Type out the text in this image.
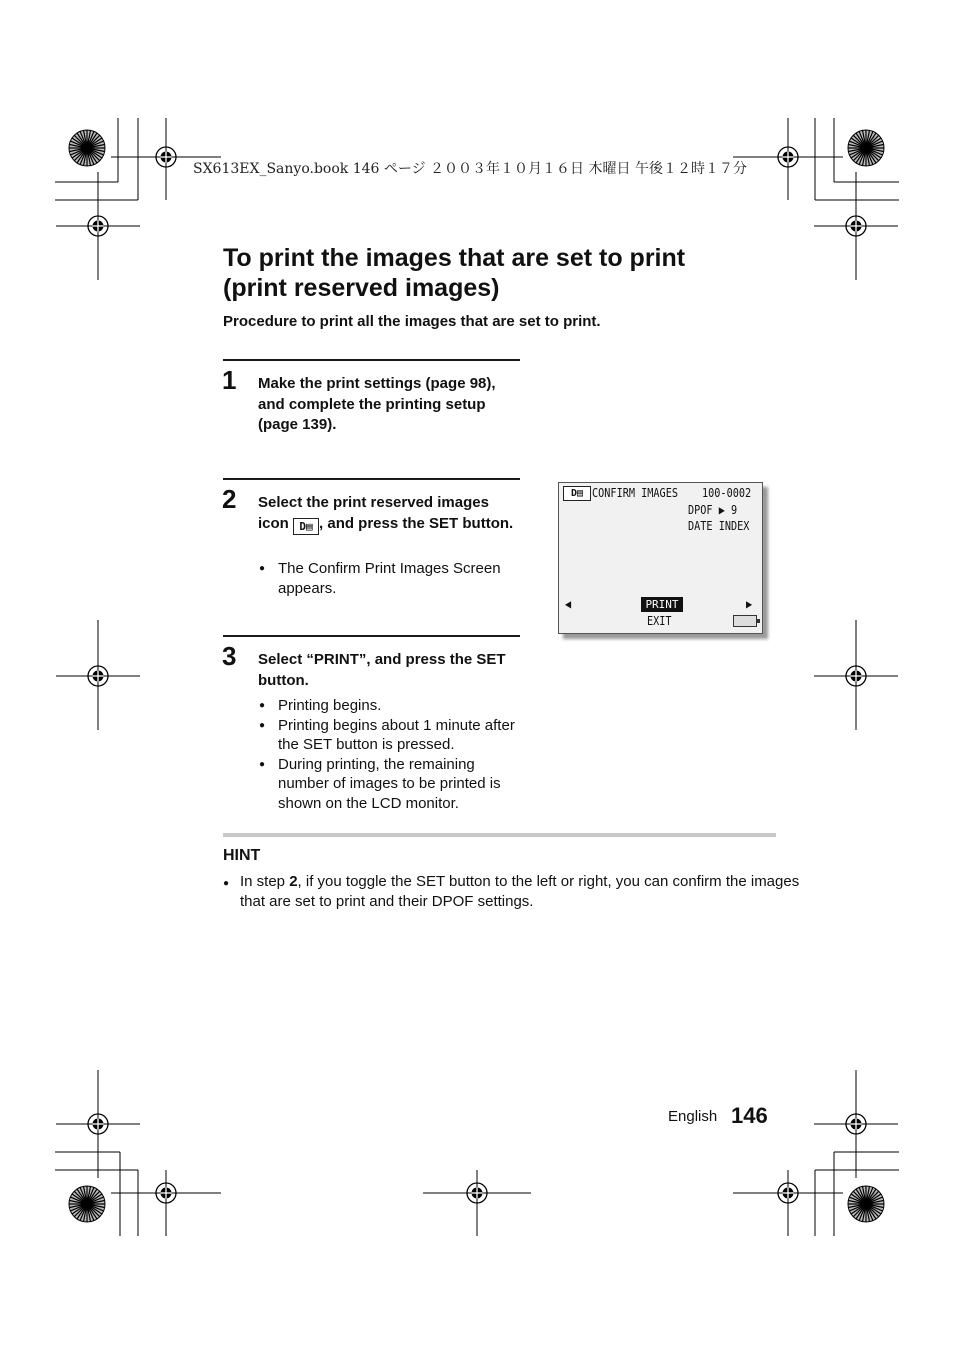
SX613EX_Sanyo.book 146 ページ ２００３年１０月１６日 木曜日 午後１２時１７分
To print the images that are set to print
(print reserved images)
Procedure to print all the images that are set to print.
1 Make the print settings (page 98), and complete the printing setup (page 139).
2 Select the print reserved images icon D▤ , and press the SET button.
● The Confirm Print Images Screen appears.
3 Select “PRINT”, and press the SET button.
● Printing begins.
● Printing begins about 1 minute after the SET button is pressed.
● During printing, the remaining number of images to be printed is shown on the LCD monitor.
D▤ CONFIRM IMAGES 100-0002
DPOF ▶ 9
DATE INDEX
◀	PRINT	▶
EXIT
HINT
● In step 2, if you toggle the SET button to the left or right, you can confirm the images that are set to print and their DPOF settings.
English 146
